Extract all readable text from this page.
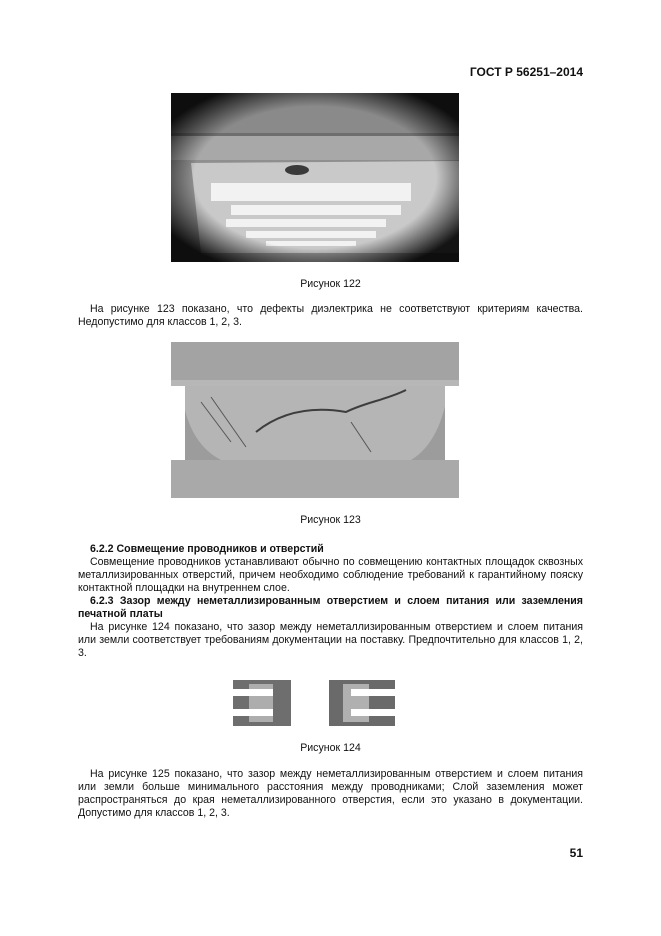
ГОСТ Р 56251–2014
Рисунок 122
На рисунке 123 показано, что дефекты диэлектрика не соответствуют критериям качества. Недопустимо для классов 1, 2, 3.
Рисунок 123
6.2.2 Совмещение проводников и отверстий
Совмещение проводников устанавливают обычно по совмещению контактных площадок сквозных металлизированных отверстий, причем необходимо соблюдение требований к гарантийному пояску контактной площадки на внутреннем слое.
6.2.3 Зазор между неметаллизированным отверстием и слоем питания или заземления печатной платы
На рисунке 124 показано, что зазор между неметаллизированным отверстием и слоем питания или земли соответствует требованиям документации на поставку. Предпочтительно для классов 1, 2, 3.
Рисунок 124
На рисунке 125 показано, что зазор между неметаллизированным отверстием и слоем питания или земли больше минимального расстояния между проводниками; Слой заземления может распространяться до края неметаллизированного отверстия, если это указано в документации. Допустимо для классов 1, 2, 3.
51
